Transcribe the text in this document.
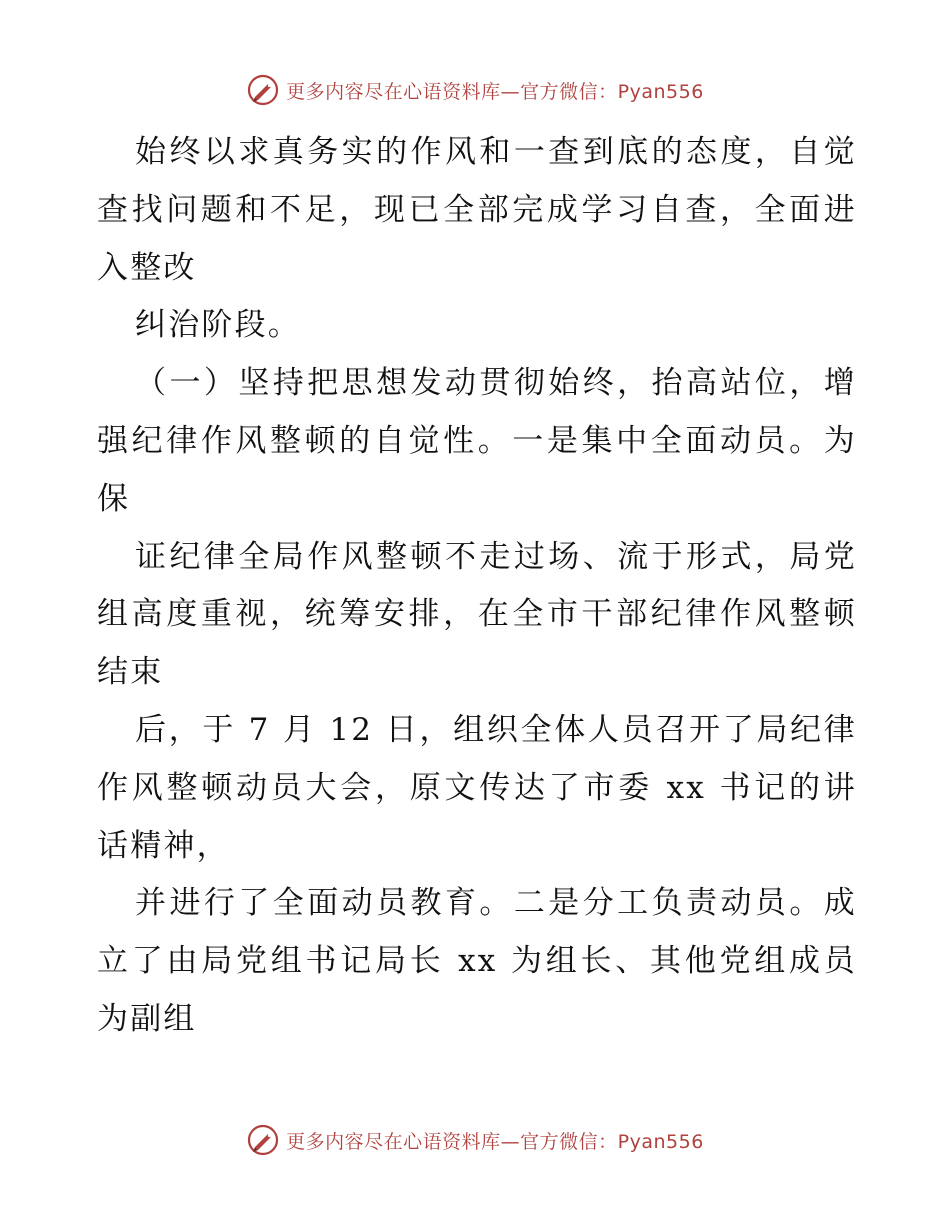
更多内容尽在心语资料库—官方微信：Pyan556

始终以求真务实的作风和一查到底的态度，自觉查找问题和不足，现已全部完成学习自查，全面进入整改

纠治阶段。

（一）坚持把思想发动贯彻始终，抬高站位，增强纪律作风整顿的自觉性。一是集中全面动员。为保

证纪律全局作风整顿不走过场、流于形式，局党组高度重视，统筹安排，在全市干部纪律作风整顿结束

后，于 7 月 12 日，组织全体人员召开了局纪律作风整顿动员大会，原文传达了市委 xx 书记的讲话精神，

并进行了全面动员教育。二是分工负责动员。成立了由局党组书记局长 xx 为组长、其他党组成员为副组

更多内容尽在心语资料库—官方微信：Pyan556
